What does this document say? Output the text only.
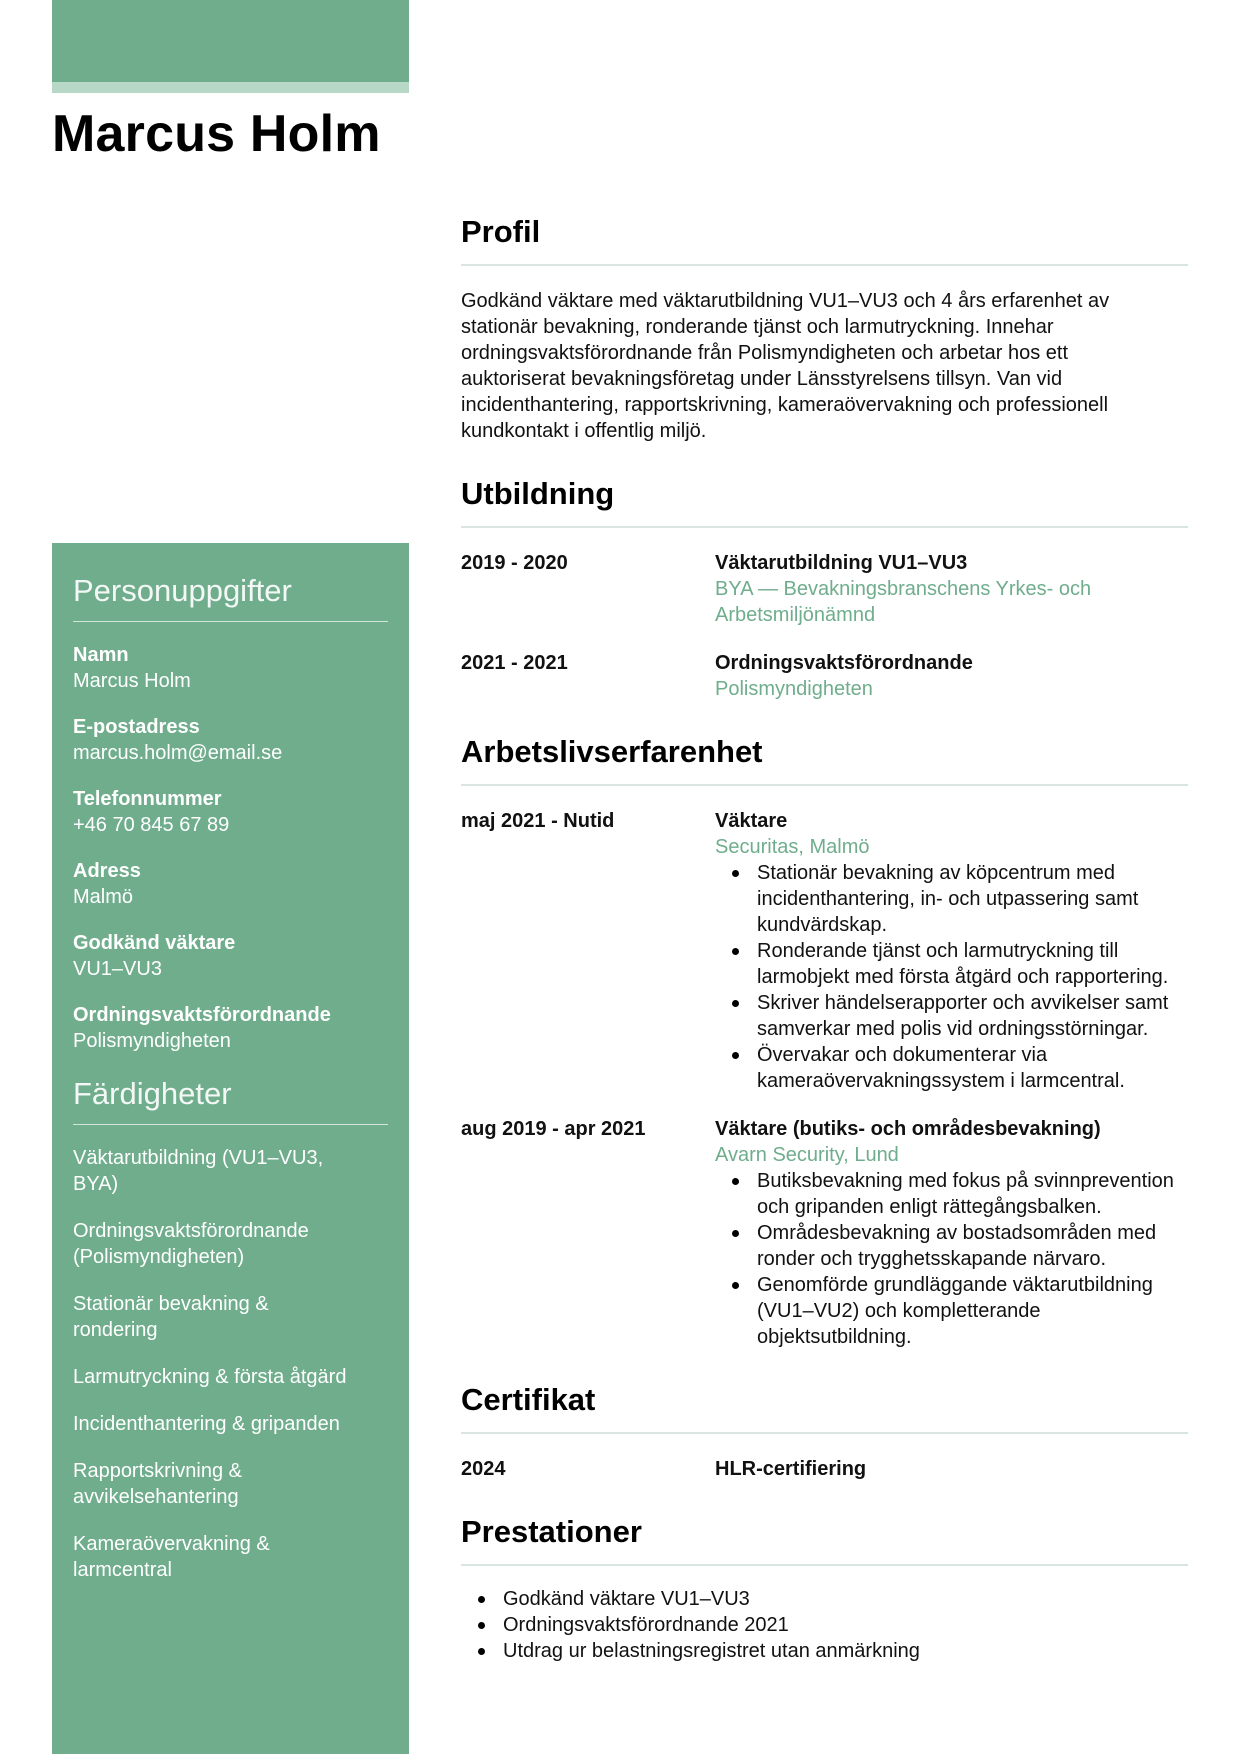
Marcus Holm
Personuppgifter
Namn
Marcus Holm
E-postadress
marcus.holm@email.se
Telefonnummer
+46 70 845 67 89
Adress
Malmö
Godkänd väktare
VU1–VU3
Ordningsvaktsförordnande
Polismyndigheten
Färdigheter
Väktarutbildning (VU1–VU3, BYA)
Ordningsvaktsförordnande (Polismyndigheten)
Stationär bevakning & rondering
Larmutryckning & första åtgärd
Incidenthantering & gripanden
Rapportskrivning & avvikelsehantering
Kameraövervakning & larmcentral
Profil

Godkänd väktare med väktarutbildning VU1–VU3 och 4 års erfarenhet av stationär bevakning, ronderande tjänst och larmutryckning. Innehar ordningsvaktsförordnande från Polismyndigheten och arbetar hos ett auktoriserat bevakningsföretag under Länsstyrelsens tillsyn. Van vid incidenthantering, rapportskrivning, kameraövervakning och professionell kundkontakt i offentlig miljö.

Utbildning
2019 - 2020	Väktarutbildning VU1–VU3
BYA — Bevakningsbranschens Yrkes- och Arbetsmiljönämnd
2021 - 2021	Ordningsvaktsförordnande
Polismyndigheten
Arbetslivserfarenhet
maj 2021 - Nutid	Väktare
Securitas, Malmö
Stationär bevakning av köpcentrum med incidenthantering, in- och utpassering samt kundvärdskap.
Ronderande tjänst och larmutryckning till larmobjekt med första åtgärd och rapportering.
Skriver händelserapporter och avvikelser samt samverkar med polis vid ordningsstörningar.
Övervakar och dokumenterar via kameraövervakningssystem i larmcentral.
aug 2019 - apr 2021	Väktare (butiks- och områdesbevakning)
Avarn Security, Lund
Butiksbevakning med fokus på svinnprevention och gripanden enligt rättegångsbalken.
Områdesbevakning av bostadsområden med ronder och trygghetsskapande närvaro.
Genomförde grundläggande väktarutbildning (VU1–VU2) och kompletterande objektsutbildning.
Certifikat
2024	HLR-certifiering
Prestationer
Godkänd väktare VU1–VU3
Ordningsvaktsförordnande 2021
Utdrag ur belastningsregistret utan anmärkning
